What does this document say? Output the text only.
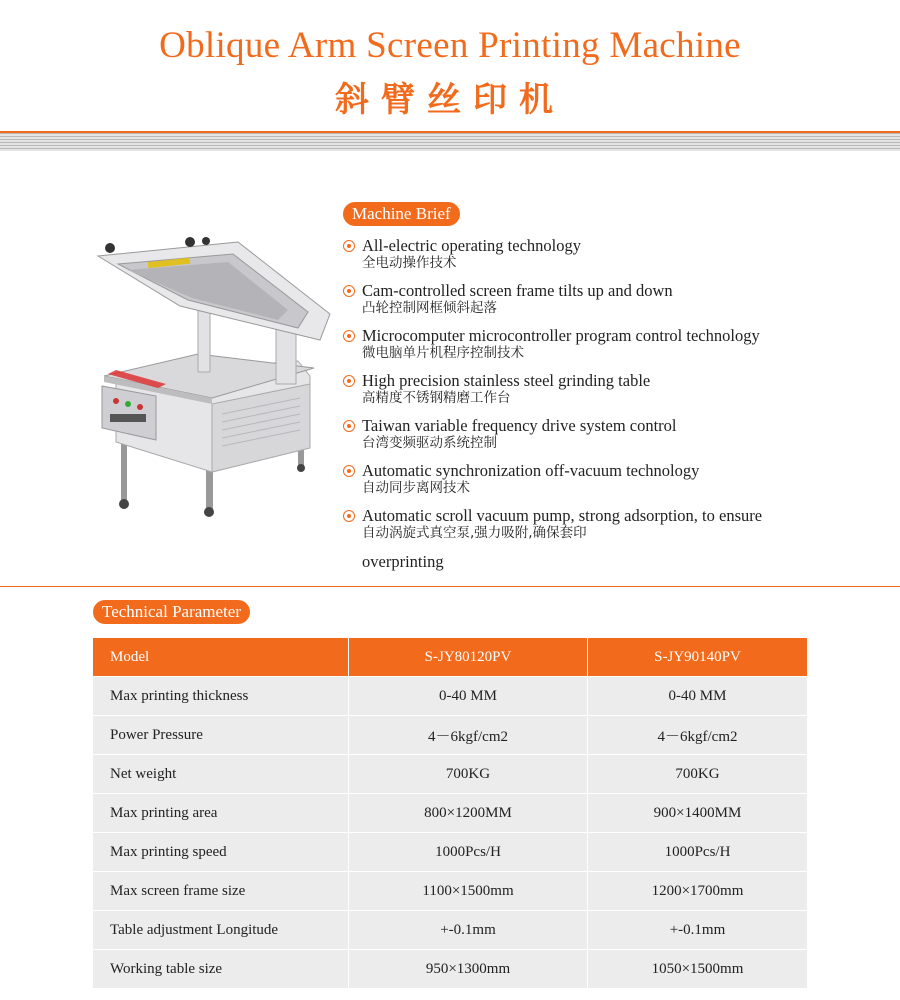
Oblique Arm Screen Printing Machine
斜臂丝印机
Machine Brief
All-electric operating technology
全电动操作技术
Cam-controlled screen frame tilts up and down
凸轮控制网框倾斜起落
Microcomputer microcontroller program control technology
微电脑单片机程序控制技术
High precision stainless steel grinding table
高精度不锈钢精磨工作台
Taiwan variable frequency drive system control
台湾变频驱动系统控制
Automatic synchronization off-vacuum technology
自动同步离网技术
Automatic scroll vacuum pump, strong adsorption, to ensure
自动涡旋式真空泵,强力吸附,确保套印
overprinting
Technical Parameter
Model	S-JY80120PV	S-JY90140PV
Max printing thickness	0-40 MM	0-40 MM
Power Pressure	4－6kgf/cm2	4－6kgf/cm2
Net weight	700KG	700KG
Max printing area	800×1200MM	900×1400MM
Max printing speed	1000Pcs/H	1000Pcs/H
Max screen frame size	1100×1500mm	1200×1700mm
Table adjustment Longitude	+-0.1mm	+-0.1mm
Working table size	950×1300mm	1050×1500mm
